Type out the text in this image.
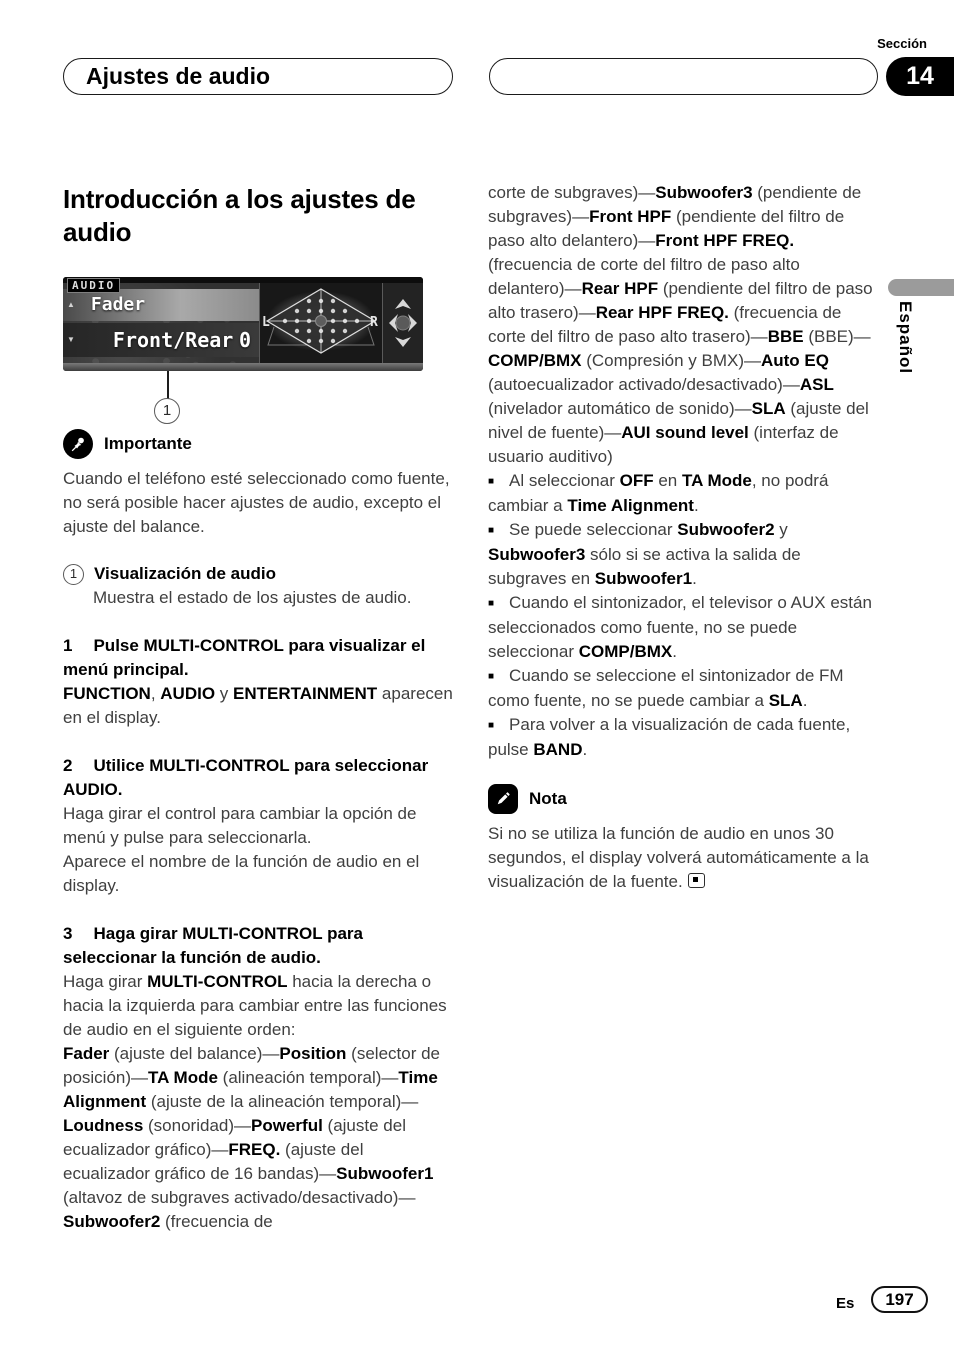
Ajustes de audio
Sección
14
Español
Introducción a los ajustes de audio
AUDIO
▲ Fader
▼ Front/Rear 0
L	R
1
Importante

Cuando el teléfono esté seleccionado como fuente, no será posible hacer ajustes de audio, excepto el ajuste del balance.

1 Visualización de audio

Muestra el estado de los ajustes de audio.

1 Pulse MULTI-CONTROL para visualizar el menú principal.

FUNCTION, AUDIO y ENTERTAINMENT aparecen en el display.

2 Utilice MULTI-CONTROL para seleccionar AUDIO.

Haga girar el control para cambiar la opción de menú y pulse para seleccionarla.

Aparece el nombre de la función de audio en el display.

3 Haga girar MULTI-CONTROL para seleccionar la función de audio.

Haga girar MULTI-CONTROL hacia la derecha o hacia la izquierda para cambiar entre las funciones de audio en el siguiente orden:

Fader (ajuste del balance)—Position (selector de posición)—TA Mode (alineación temporal)—Time Alignment (ajuste de la alineación temporal)—Loudness (sonoridad)—Powerful (ajuste del ecualizador gráfico)—FREQ. (ajuste del ecualizador gráfico de 16 bandas)—Subwoofer1 (altavoz de subgraves activado/desactivado)—Subwoofer2 (frecuencia de

corte de subgraves)—Subwoofer3 (pendiente de subgraves)—Front HPF (pendiente del filtro de paso alto delantero)—Front HPF FREQ. (frecuencia de corte del filtro de paso alto delantero)—Rear HPF (pendiente del filtro de paso alto trasero)—Rear HPF FREQ. (frecuencia de corte del filtro de paso alto trasero)—BBE (BBE)—COMP/BMX (Compresión y BMX)—Auto EQ (autoecualizador activado/desactivado)—ASL (nivelador automático de sonido)—SLA (ajuste del nivel de fuente)—AUI sound level (interfaz de usuario auditivo)

■ Al seleccionar OFF en TA Mode, no podrá cambiar a Time Alignment.
■ Se puede seleccionar Subwoofer2 y Subwoofer3 sólo si se activa la salida de subgraves en Subwoofer1.
■ Cuando el sintonizador, el televisor o AUX están seleccionados como fuente, no se puede seleccionar COMP/BMX.
■ Cuando se seleccione el sintonizador de FM como fuente, no se puede cambiar a SLA.
■ Para volver a la visualización de cada fuente, pulse BAND.
Nota

Si no se utiliza la función de audio en unos 30 segundos, el display volverá automáticamente a la visualización de la fuente.

Es 197
